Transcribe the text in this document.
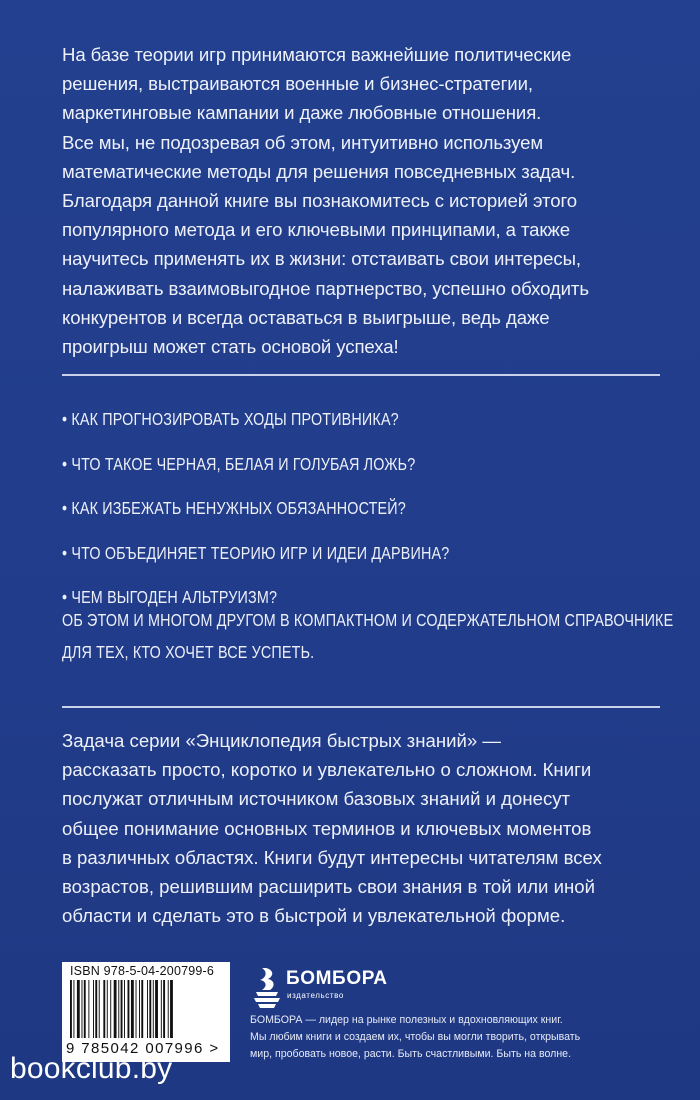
На базе теории игр принимаются важнейшие политические

решения, выстраиваются военные и бизнес-стратегии,

маркетинговые кампании и даже любовные отношения.

Все мы, не подозревая об этом, интуитивно используем

математические методы для решения повседневных задач.

Благодаря данной книге вы познакомитесь с историей этого

популярного метода и его ключевыми принципами, а также

научитесь применять их в жизни: отстаивать свои интересы,

налаживать взаимовыгодное партнерство, успешно обходить

конкурентов и всегда оставаться в выигрыше, ведь даже

проигрыш может стать основой успеха!

• КАК ПРОГНОЗИРОВАТЬ ХОДЫ ПРОТИВНИКА?
• ЧТО ТАКОЕ ЧЕРНАЯ, БЕЛАЯ И ГОЛУБАЯ ЛОЖЬ?
• КАК ИЗБЕЖАТЬ НЕНУЖНЫХ ОБЯЗАННОСТЕЙ?
• ЧТО ОБЪЕДИНЯЕТ ТЕОРИЮ ИГР И ИДЕИ ДАРВИНА?
• ЧЕМ ВЫГОДЕН АЛЬТРУИЗМ?
ОБ ЭТОМ И МНОГОМ ДРУГОМ В КОМПАКТНОМ И СОДЕРЖАТЕЛЬНОМ СПРАВОЧНИКЕ
ДЛЯ ТЕХ, КТО ХОЧЕТ ВСЕ УСПЕТЬ.

Задача серии «Энциклопедия быстрых знаний» —

рассказать просто, коротко и увлекательно о сложном. Книги

послужат отличным источником базовых знаний и донесут

общее понимание основных терминов и ключевых моментов

в различных областях. Книги будут интересны читателям всех

возрастов, решившим расширить свои знания в той или иной

области и сделать это в быстрой и увлекательной форме.

ISBN 978-5-04-200799-6
9 785042 007996 >
БОМБОРА
издательство
БОМБОРА — лидер на рынке полезных и вдохновляющих книг.
Мы любим книги и создаем их, чтобы вы могли творить, открывать
мир, пробовать новое, расти. Быть счастливыми. Быть на волне.
bookclub.by
